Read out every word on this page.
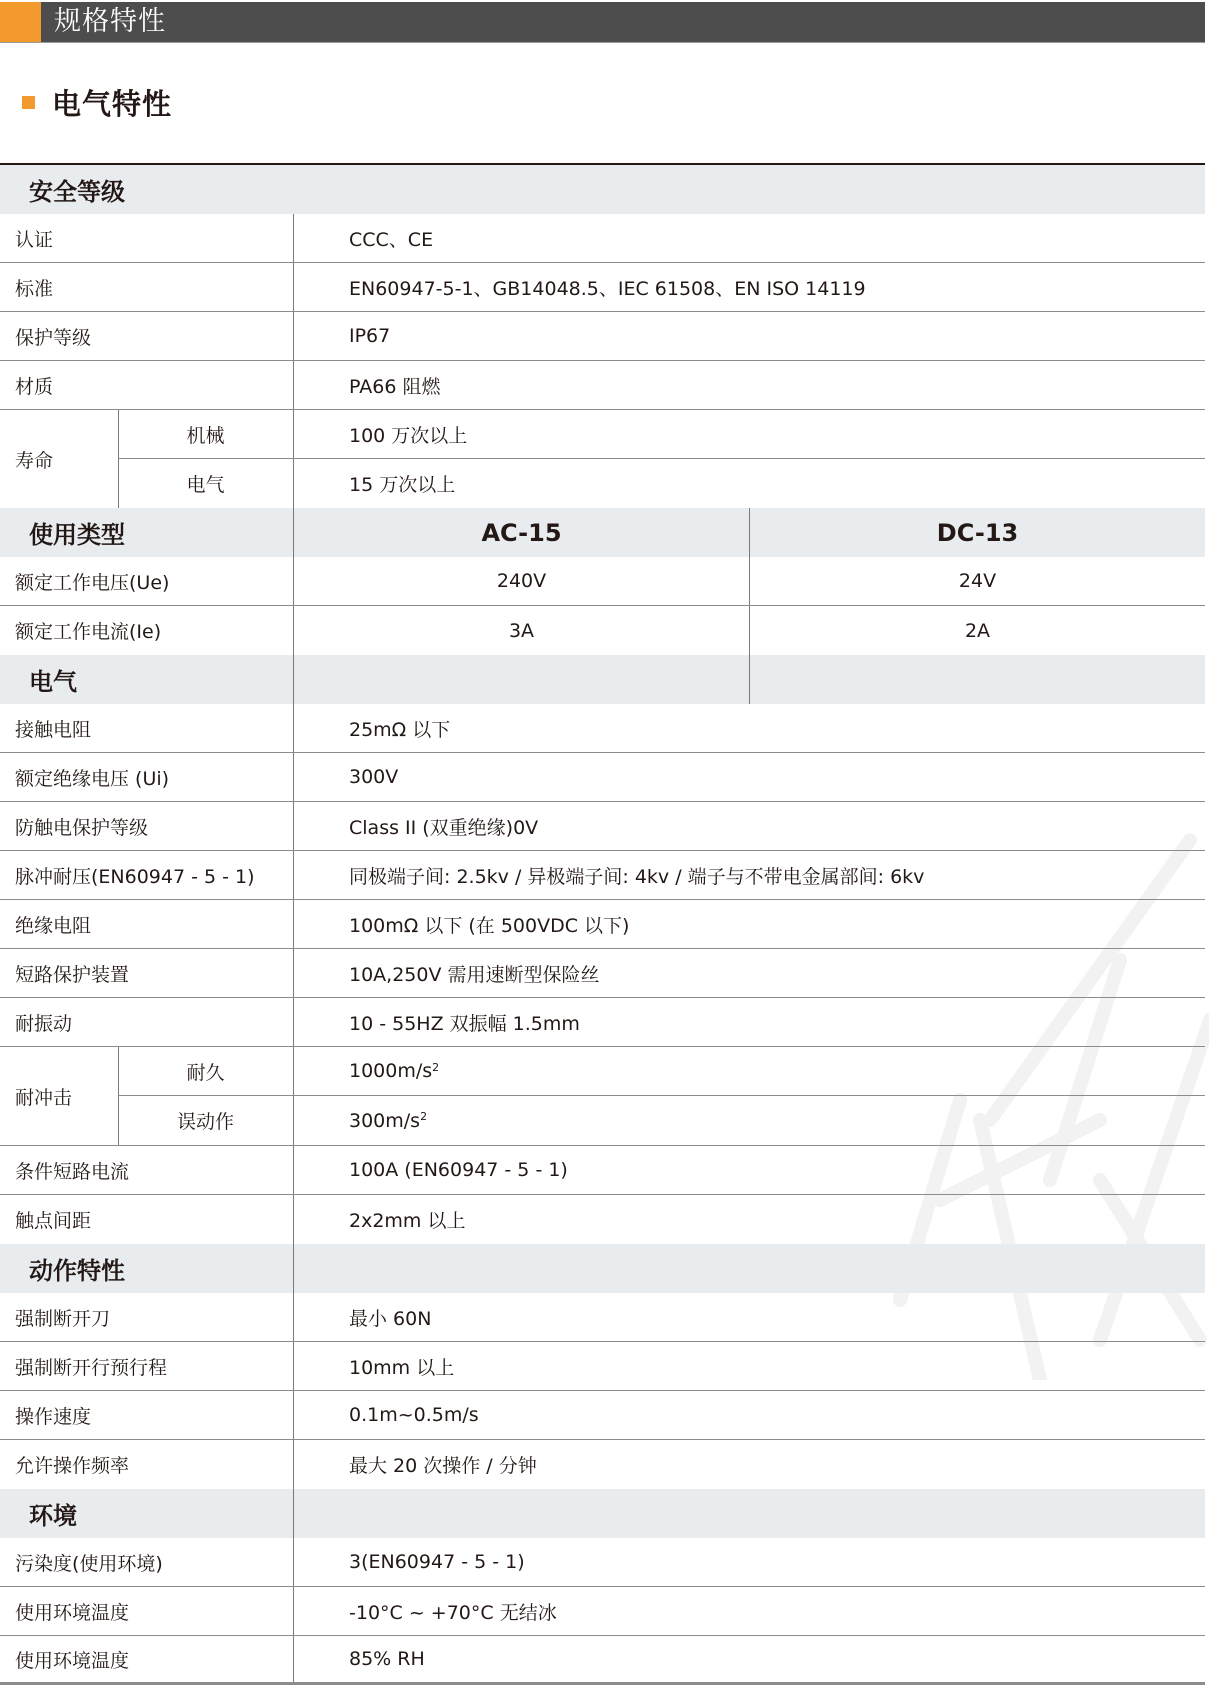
规格特性
电气特性
安全等级
认证	CCC、CE
标准	EN60947-5-1、GB14048.5、IEC 61508、EN ISO 14119
保护等级	IP67
材质	PA66 阻燃
寿命
机械	100 万次以上
电气	15 万次以上
使用类型	AC-15	DC-13
额定工作电压(Ue)	240V	24V
额定工作电流(Ie)	3A	2A
电气
接触电阻	25mΩ 以下
额定绝缘电压 (Ui)	300V
防触电保护等级	Class II (双重绝缘)0V
脉冲耐压(EN60947 - 5 - 1)	同极端子间: 2.5kv / 异极端子间: 4kv / 端子与不带电金属部间: 6kv
绝缘电阻	100mΩ 以下 (在 500VDC 以下)
短路保护装置	10A,250V 需用速断型保险丝
耐振动	10 - 55HZ 双振幅 1.5mm
耐冲击
耐久	$1000m/s^2$
误动作	$300m/s^2$
条件短路电流	100A (EN60947 - 5 - 1)
触点间距	2x2mm 以上
动作特性
强制断开刀	最小 60N
强制断开行预行程	10mm 以上
操作速度	0.1m~0.5m/s
允许操作频率	最大 20 次操作 / 分钟
环境
污染度(使用环境)	3(EN60947 - 5 - 1)
使用环境温度	-10°C ~ +70°C 无结冰
使用环境温度	85% RH
